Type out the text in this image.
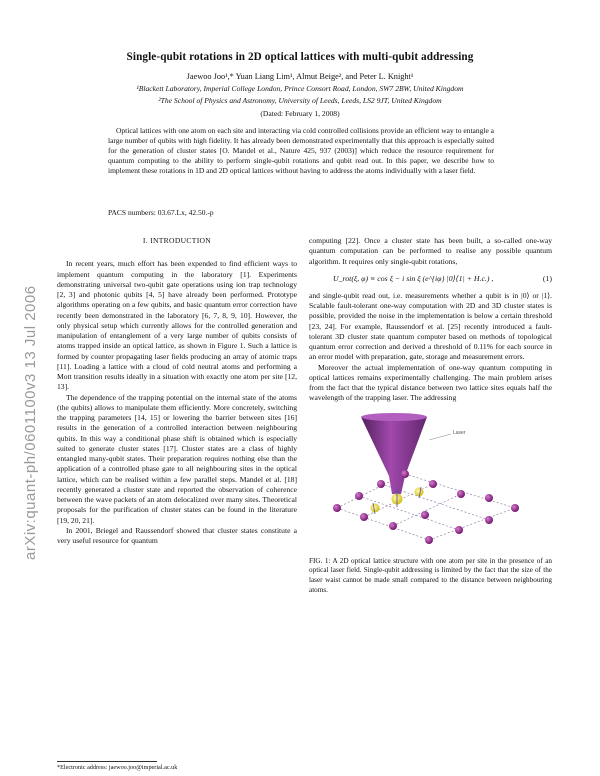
arXiv:quant-ph/0601100v3 13 Jul 2006
Single-qubit rotations in 2D optical lattices with multi-qubit addressing
Jaewoo Joo¹,* Yuan Liang Lim¹, Almut Beige², and Peter L. Knight¹
¹Blackett Laboratory, Imperial College London, Prince Consort Road, London, SW7 2BW, United Kingdom
²The School of Physics and Astronomy, University of Leeds, Leeds, LS2 9JT, United Kingdom
(Dated: February 1, 2008)
Optical lattices with one atom on each site and interacting via cold controlled collisions provide an efficient way to entangle a large number of qubits with high fidelity. It has already been demonstrated experimentally that this approach is especially suited for the generation of cluster states [O. Mandel et al., Nature 425, 937 (2003)] which reduce the resource requirement for quantum computing to the ability to perform single-qubit rotations and qubit read out. In this paper, we describe how to implement these rotations in 1D and 2D optical lattices without having to address the atoms individually with a laser field.
PACS numbers: 03.67.Lx, 42.50.-p
I. INTRODUCTION

In recent years, much effort has been expended to find efficient ways to implement quantum computing in the laboratory [1]. Experiments demonstrating universal two-qubit gate operations using ion trap technology [2, 3] and photonic qubits [4, 5] have already been performed. Prototype algorithms operating on a few qubits, and basic quantum error correction have recently been demonstrated in the laboratory [6, 7, 8, 9, 10]. However, the only physical setup which currently allows for the controlled generation and manipulation of entanglement of a very large number of qubits consists of atoms trapped inside an optical lattice, as shown in Figure 1. Such a lattice is formed by counter propagating laser fields producing an array of atomic traps [11]. Loading a lattice with a cloud of cold neutral atoms and performing a Mott transition results ideally in a situation with exactly one atom per site [12, 13].

The dependence of the trapping potential on the internal state of the atoms (the qubits) allows to manipulate them efficiently. More concretely, switching the trapping parameters [14, 15] or lowering the barrier between sites [16] results in the generation of a controlled interaction between neighbouring qubits. In this way a conditional phase shift is obtained which is especially suited to generate cluster states [17]. Cluster states are a class of highly entangled many-qubit states. Their preparation requires nothing else than the application of a controlled phase gate to all neighbouring sites in the optical lattice, which can be realised within a few parallel steps. Mandel et al. [18] recently generated a cluster state and reported the observation of coherence between the wave packets of an atom delocalized over many sites. Theoretical proposals for the purification of cluster states can be found in the literature [19, 20, 21].

In 2001, Briegel and Raussendorf showed that cluster states constitute a very useful resource for quantum

computing [22]. Once a cluster state has been built, a so-called one-way quantum computation can be performed to realise any possible quantum algorithm. It requires only single-qubit rotations,

U_rot(ξ, φ) ≡ cos ξ − i sin ξ (e^{iφ} |0⟩⟨1| + H.c.) ,	(1)

and single-qubit read out, i.e. measurements whether a qubit is in |0⟩ or |1⟩. Scalable fault-tolerant one-way computation with 2D and 3D cluster states is possible, provided the noise in the implementation is below a certain threshold [23, 24]. For example, Raussendorf et al. [25] recently introduced a fault-tolerant 3D cluster state quantum computer based on methods of topological quantum error correction and derived a threshold of 0.11% for each source in an error model with preparation, gate, storage and measurement errors.

Moreover the actual implementation of one-way quantum computing in optical lattices remains experimentally challenging. The main problem arises from the fact that the typical distance between two lattice sites equals half the wavelength of the trapping laser. The addressing

Laser
FIG. 1: A 2D optical lattice structure with one atom per site in the presence of an optical laser field. Single-qubit addressing is limited by the fact that the size of the laser waist cannot be made small compared to the distance between neighbouring atoms.
*Electronic address: jaewoo.joo@imperial.ac.uk
